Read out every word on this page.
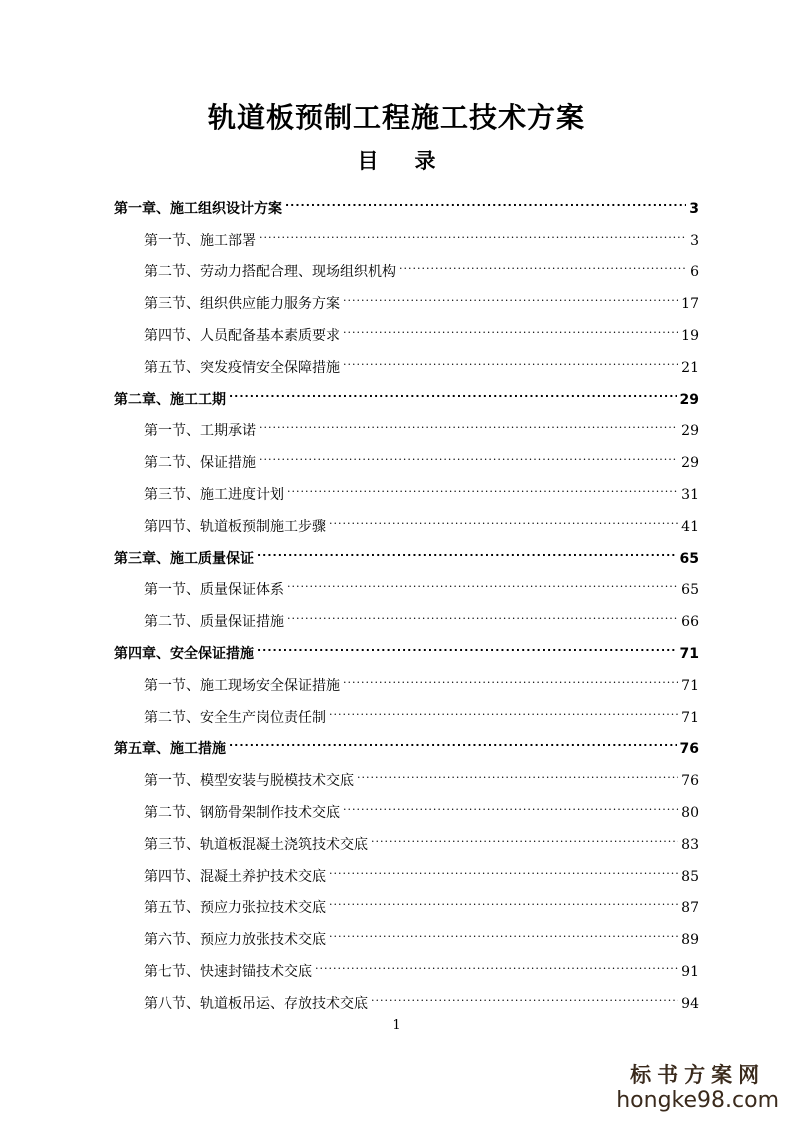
轨道板预制工程施工技术方案
目 录
第一章、施工组织设计方案 .....	3
第一节、施工部署 .....	3
第二节、劳动力搭配合理、现场组织机构 .....	6
第三节、组织供应能力服务方案 .....	17
第四节、人员配备基本素质要求 .....	19
第五节、突发疫情安全保障措施 .....	21
第二章、施工工期 .....	29
第一节、工期承诺 .....	29
第二节、保证措施 .....	29
第三节、施工进度计划 .....	31
第四节、轨道板预制施工步骤 .....	41
第三章、施工质量保证 .....	65
第一节、质量保证体系 .....	65
第二节、质量保证措施 .....	66
第四章、安全保证措施 .....	71
第一节、施工现场安全保证措施 .....	71
第二节、安全生产岗位责任制 .....	71
第五章、施工措施 .....	76
第一节、模型安装与脱模技术交底 .....	76
第二节、钢筋骨架制作技术交底 .....	80
第三节、轨道板混凝土浇筑技术交底 .....	83
第四节、混凝土养护技术交底 .....	85
第五节、预应力张拉技术交底 .....	87
第六节、预应力放张技术交底 .....	89
第七节、快速封锚技术交底 .....	91
第八节、轨道板吊运、存放技术交底 .....	94
1
标书方案网
hongke98.com
